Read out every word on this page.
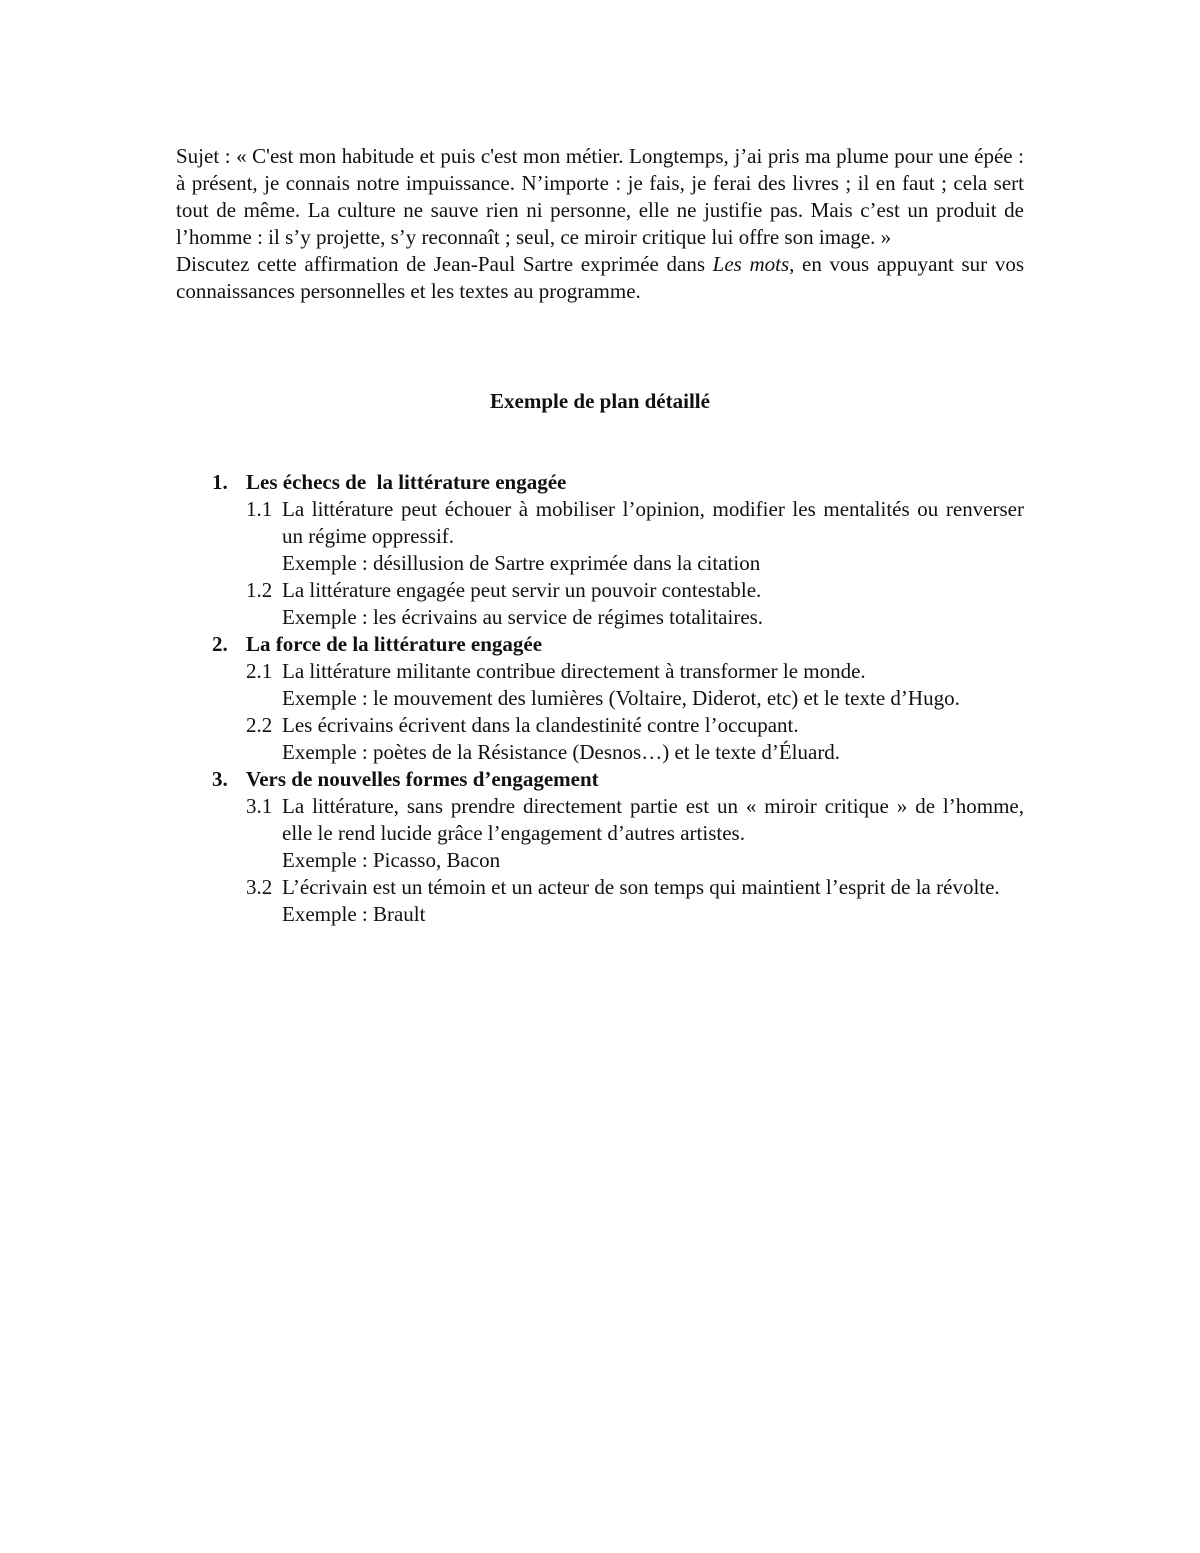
Sujet : « C'est mon habitude et puis c'est mon métier. Longtemps, j’ai pris ma plume pour une épée : à présent, je connais notre impuissance. N’importe : je fais, je ferai des livres ; il en faut ; cela sert tout de même. La culture ne sauve rien ni personne, elle ne justifie pas. Mais c’est un produit de l’homme : il s’y projette, s’y reconnaît ; seul, ce miroir critique lui offre son image. »

Discutez cette affirmation de Jean-Paul Sartre exprimée dans Les mots, en vous appuyant sur vos connaissances personnelles et les textes au programme.

Exemple de plan détaillé

1. Les échecs de  la littérature engagée
1.1 La littérature peut échouer à mobiliser l’opinion, modifier les mentalités ou renverser un régime oppressif.
Exemple : désillusion de Sartre exprimée dans la citation
1.2 La littérature engagée peut servir un pouvoir contestable.
Exemple : les écrivains au service de régimes totalitaires.
2. La force de la littérature engagée
2.1 La littérature militante contribue directement à transformer le monde.
Exemple : le mouvement des lumières (Voltaire, Diderot, etc) et le texte d’Hugo.
2.2 Les écrivains écrivent dans la clandestinité contre l’occupant.
Exemple : poètes de la Résistance (Desnos…) et le texte d’Éluard.
3. Vers de nouvelles formes d’engagement
3.1 La littérature, sans prendre directement partie est un « miroir critique » de l’homme, elle le rend lucide grâce l’engagement d’autres artistes.
Exemple : Picasso, Bacon
3.2 L’écrivain est un témoin et un acteur de son temps qui maintient l’esprit de la révolte.
Exemple : Brault
